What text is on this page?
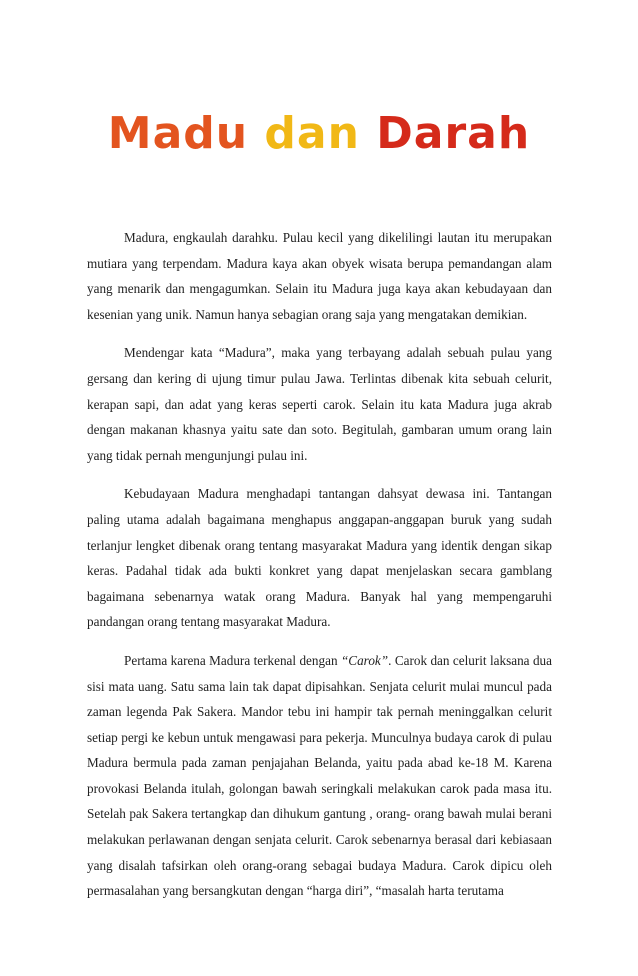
Madu dan Darah

Madura, engkaulah darahku. Pulau kecil yang dikelilingi lautan itu merupakan mutiara yang terpendam. Madura kaya akan obyek wisata berupa pemandangan alam yang menarik dan mengagumkan. Selain itu Madura juga kaya akan kebudayaan dan kesenian yang unik. Namun hanya sebagian orang saja yang mengatakan demikian.

Mendengar kata “Madura”, maka yang terbayang adalah sebuah pulau yang gersang dan kering di ujung timur pulau Jawa. Terlintas dibenak kita sebuah celurit, kerapan sapi, dan adat yang keras seperti carok. Selain itu kata Madura juga akrab dengan makanan khasnya yaitu sate dan soto. Begitulah, gambaran umum orang lain yang tidak pernah mengunjungi pulau ini.

Kebudayaan Madura menghadapi tantangan dahsyat dewasa ini. Tantangan paling utama adalah bagaimana menghapus anggapan-anggapan buruk yang sudah terlanjur lengket dibenak orang tentang masyarakat Madura yang identik dengan sikap keras. Padahal tidak ada bukti konkret yang dapat menjelaskan secara gamblang bagaimana sebenarnya watak orang Madura. Banyak hal yang mempengaruhi pandangan orang tentang masyarakat Madura.

Pertama karena Madura terkenal dengan “Carok”. Carok dan celurit laksana dua sisi mata uang. Satu sama lain tak dapat dipisahkan. Senjata celurit mulai muncul pada zaman legenda Pak Sakera. Mandor tebu ini hampir tak pernah meninggalkan celurit setiap pergi ke kebun untuk mengawasi para pekerja. Munculnya budaya carok di pulau Madura bermula pada zaman penjajahan Belanda, yaitu pada abad ke-18 M. Karena provokasi Belanda itulah, golongan bawah seringkali melakukan carok pada masa itu. Setelah pak Sakera tertangkap dan dihukum gantung , orang- orang bawah mulai berani melakukan perlawanan dengan senjata celurit. Carok sebenarnya berasal dari kebiasaan yang disalah tafsirkan oleh orang-orang sebagai budaya Madura. Carok dipicu oleh permasalahan yang bersangkutan dengan “harga diri”, “masalah harta terutama
